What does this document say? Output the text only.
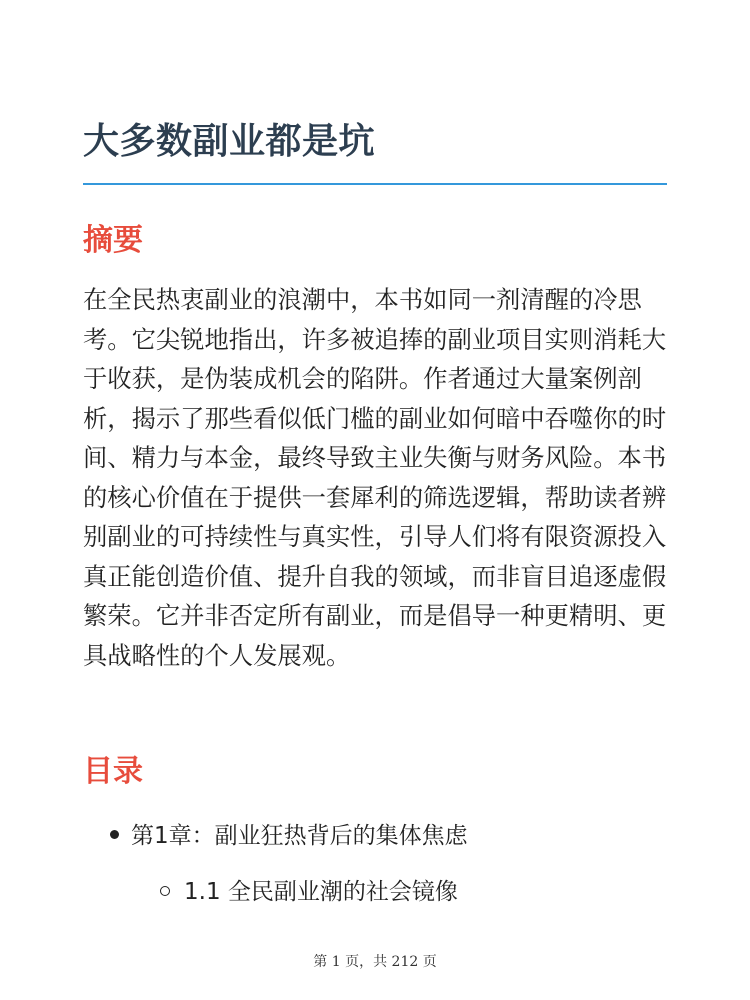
大多数副业都是坑
摘要

在全民热衷副业的浪潮中，本书如同一剂清醒的冷思考。它尖锐地指出，许多被追捧的副业项目实则消耗大于收获，是伪装成机会的陷阱。作者通过大量案例剖析，揭示了那些看似低门槛的副业如何暗中吞噬你的时间、精力与本金，最终导致主业失衡与财务风险。本书的核心价值在于提供一套犀利的筛选逻辑，帮助读者辨别副业的可持续性与真实性，引导人们将有限资源投入真正能创造价值、提升自我的领域，而非盲目追逐虚假繁荣。它并非否定所有副业，而是倡导一种更精明、更具战略性的个人发展观。

目录
第1章：副业狂热背后的集体焦虑
1.1 全民副业潮的社会镜像
第 1 页，共 212 页
